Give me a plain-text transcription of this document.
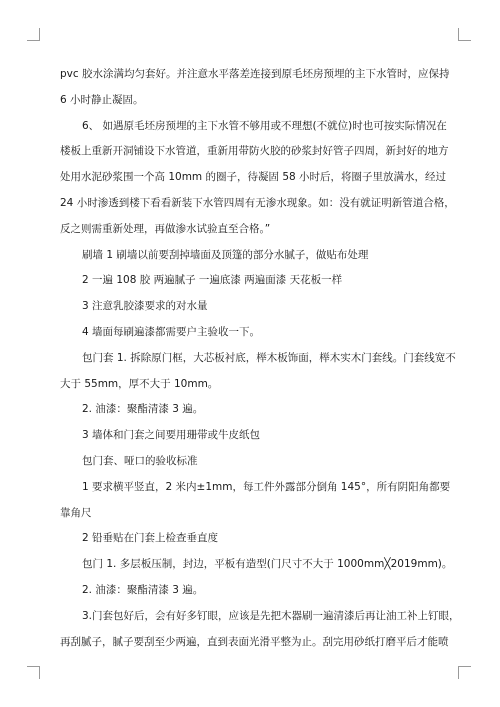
pvc 胶水涂满均匀套好。并注意水平落差连接到原毛坯房预埋的主下水管时，应保持

6 小时静止凝固。

6、 如遇原毛坯房预埋的主下水管不够用或不理想(不就位)时也可按实际情况在

楼板上重新开洞铺设下水管道，重新用带防火胶的砂浆封好管子四周，新封好的地方

处用水泥砂浆围一个高 10mm 的圈子，待凝固 58 小时后，将圈子里放满水，经过

24 小时渗透到楼下看看新装下水管四周有无渗水现象。如：没有就证明新管道合格，

反之则需重新处理，再做渗水试验直至合格。”

刷墙 1 刷墙以前要刮掉墙面及顶篷的部分水腻子，做贴布处理

2 一遍 108 胶 两遍腻子 一遍底漆 两遍面漆 天花板一样

3 注意乳胶漆要求的对水量

4 墙面每刷遍漆都需要户主验收一下。

包门套 1. 拆除原门框，大芯板衬底，榉木板饰面，榉木实木门套线。门套线宽不

大于 55mm，厚不大于 10mm。

2. 油漆：聚酯清漆 3 遍。

3 墙体和门套之间要用珊带或牛皮纸包

包门套、哑口的验收标准

1 要求横平竖直，2 米内±1mm，每工件外露部分倒角 145°，所有阴阳角都要

靠角尺

2 铅垂贴在门套上检查垂直度

包门 1. 多层板压制，封边，平板有造型(门尺寸不大于 1000mm╳2019mm)。

2. 油漆：聚酯清漆 3 遍。

3.门套包好后，会有好多钉眼，应该是先把木器刷一遍清漆后再让油工补上钉眼，

再刮腻子，腻子要刮至少两遍，直到表面光滑平整为止。刮完用砂纸打磨平后才能喷
